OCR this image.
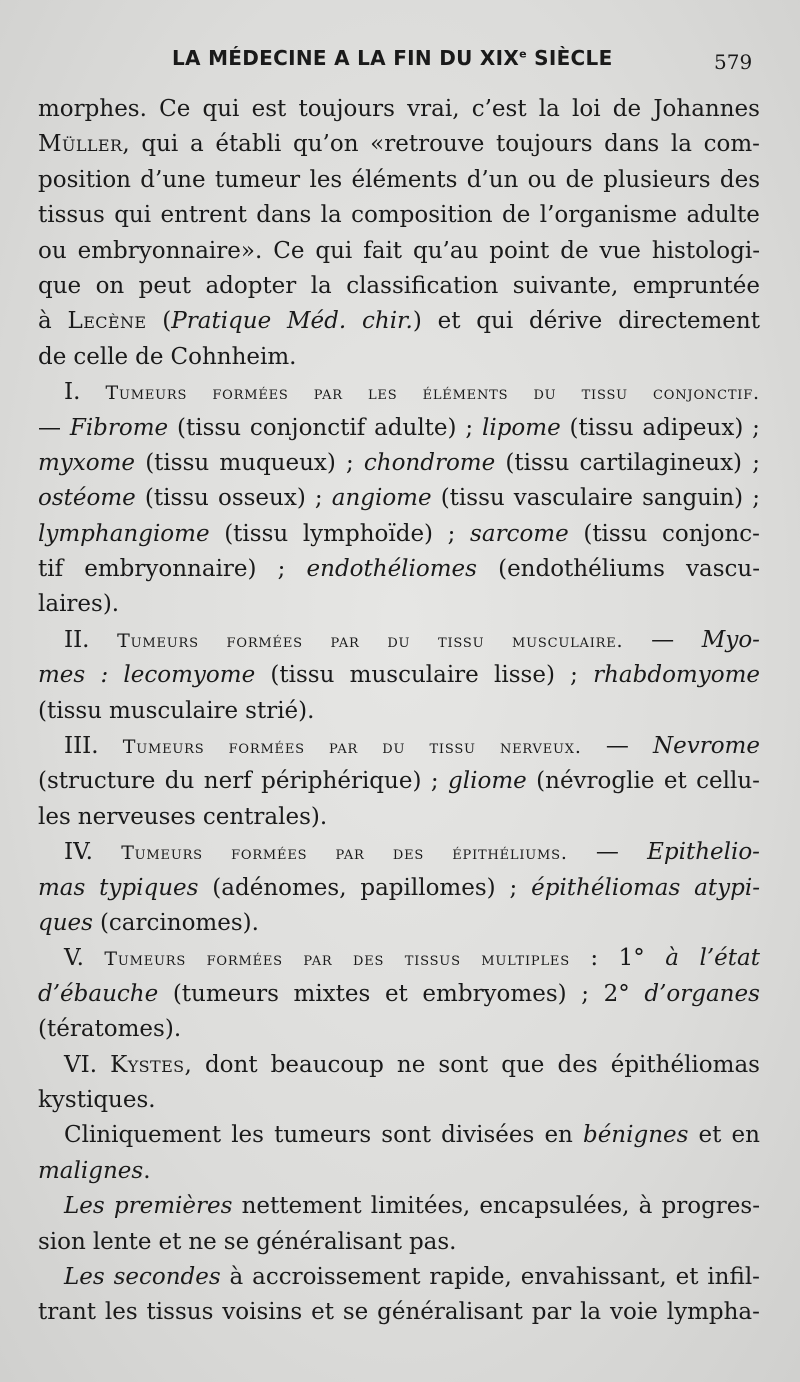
LA MÉDECINE A LA FIN DU XIXe SIÈCLE	579
morphes. Ce qui est toujours vrai, c’est la loi de Johannes
Müller, qui a établi qu’on «retrouve toujours dans la com-
position d’une tumeur les éléments d’un ou de plusieurs des
tissus qui entrent dans la composition de l’organisme adulte
ou embryonnaire». Ce qui fait qu’au point de vue histologi-
que on peut adopter la classification suivante, empruntée
à Lecène (Pratique Méd. chir.) et qui dérive directement
de celle de Cohnheim.
I. Tumeurs formées par les éléments du tissu conjonctif.
— Fibrome (tissu conjonctif adulte) ; lipome (tissu adipeux) ;
myxome (tissu muqueux) ; chondrome (tissu cartilagineux) ;
ostéome (tissu osseux) ; angiome (tissu vasculaire sanguin) ;
lymphangiome (tissu lymphoïde) ; sarcome (tissu conjonc-
tif embryonnaire) ; endothéliomes (endothéliums vascu-
laires).
II. Tumeurs formées par du tissu musculaire. — Myo-
mes : lecomyome (tissu musculaire lisse) ; rhabdomyome
(tissu musculaire strié).
III. Tumeurs formées par du tissu nerveux. — Nevrome
(structure du nerf périphérique) ; gliome (névroglie et cellu-
les nerveuses centrales).
IV. Tumeurs formées par des épithéliums. — Epithelio-
mas typiques (adénomes, papillomes) ; épithéliomas atypi-
ques (carcinomes).
V. Tumeurs formées par des tissus multiples : 1° à l’état
d’ébauche (tumeurs mixtes et embryomes) ; 2° d’organes
(tératomes).
VI. Kystes, dont beaucoup ne sont que des épithéliomas
kystiques.
Cliniquement les tumeurs sont divisées en bénignes et en
malignes.
Les premières nettement limitées, encapsulées, à progres-
sion lente et ne se généralisant pas.
Les secondes à accroissement rapide, envahissant, et infil-
trant les tissus voisins et se généralisant par la voie lympha-
